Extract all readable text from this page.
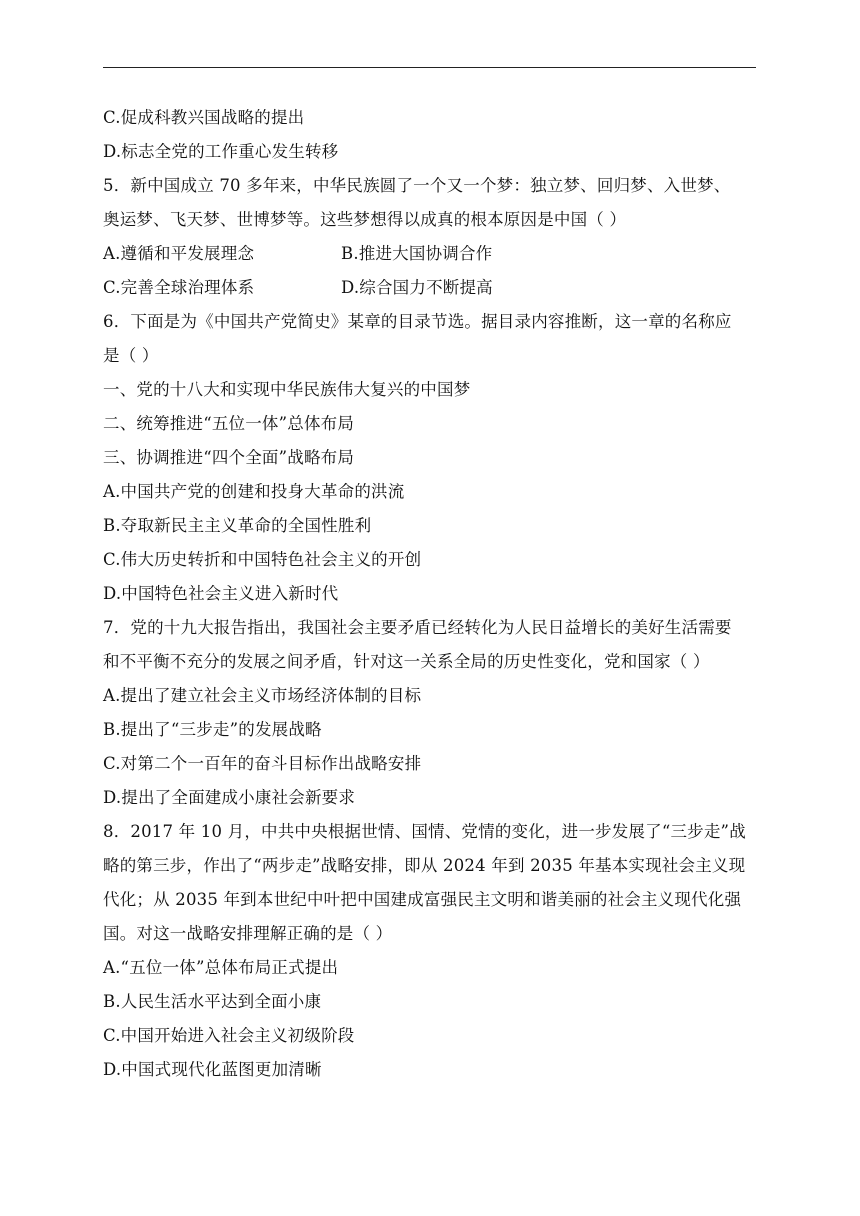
C.促成科教兴国战略的提出
D.标志全党的工作重心发生转移
5．新中国成立 70 多年来，中华民族圆了一个又一个梦：独立梦、回归梦、入世梦、
奥运梦、飞天梦、世博梦等。这些梦想得以成真的根本原因是中国（ ）
A.遵循和平发展理念	B.推进大国协调合作
C.完善全球治理体系	D.综合国力不断提高
6．下面是为《中国共产党简史》某章的目录节选。据目录内容推断，这一章的名称应
是（ ）
一、党的十八大和实现中华民族伟大复兴的中国梦
二、统筹推进“五位一体”总体布局
三、协调推进“四个全面”战略布局
A.中国共产党的创建和投身大革命的洪流
B.夺取新民主主义革命的全国性胜利
C.伟大历史转折和中国特色社会主义的开创
D.中国特色社会主义进入新时代
7．党的十九大报告指出，我国社会主要矛盾已经转化为人民日益增长的美好生活需要
和不平衡不充分的发展之间矛盾，针对这一关系全局的历史性变化，党和国家（ ）
A.提出了建立社会主义市场经济体制的目标
B.提出了“三步走”的发展战略
C.对第二个一百年的奋斗目标作出战略安排
D.提出了全面建成小康社会新要求
8．2017 年 10 月，中共中央根据世情、国情、党情的变化，进一步发展了“三步走”战
略的第三步，作出了“两步走”战略安排，即从 2024 年到 2035 年基本实现社会主义现
代化；从 2035 年到本世纪中叶把中国建成富强民主文明和谐美丽的社会主义现代化强
国。对这一战略安排理解正确的是（ ）
A.“五位一体”总体布局正式提出
B.人民生活水平达到全面小康
C.中国开始进入社会主义初级阶段
D.中国式现代化蓝图更加清晰
